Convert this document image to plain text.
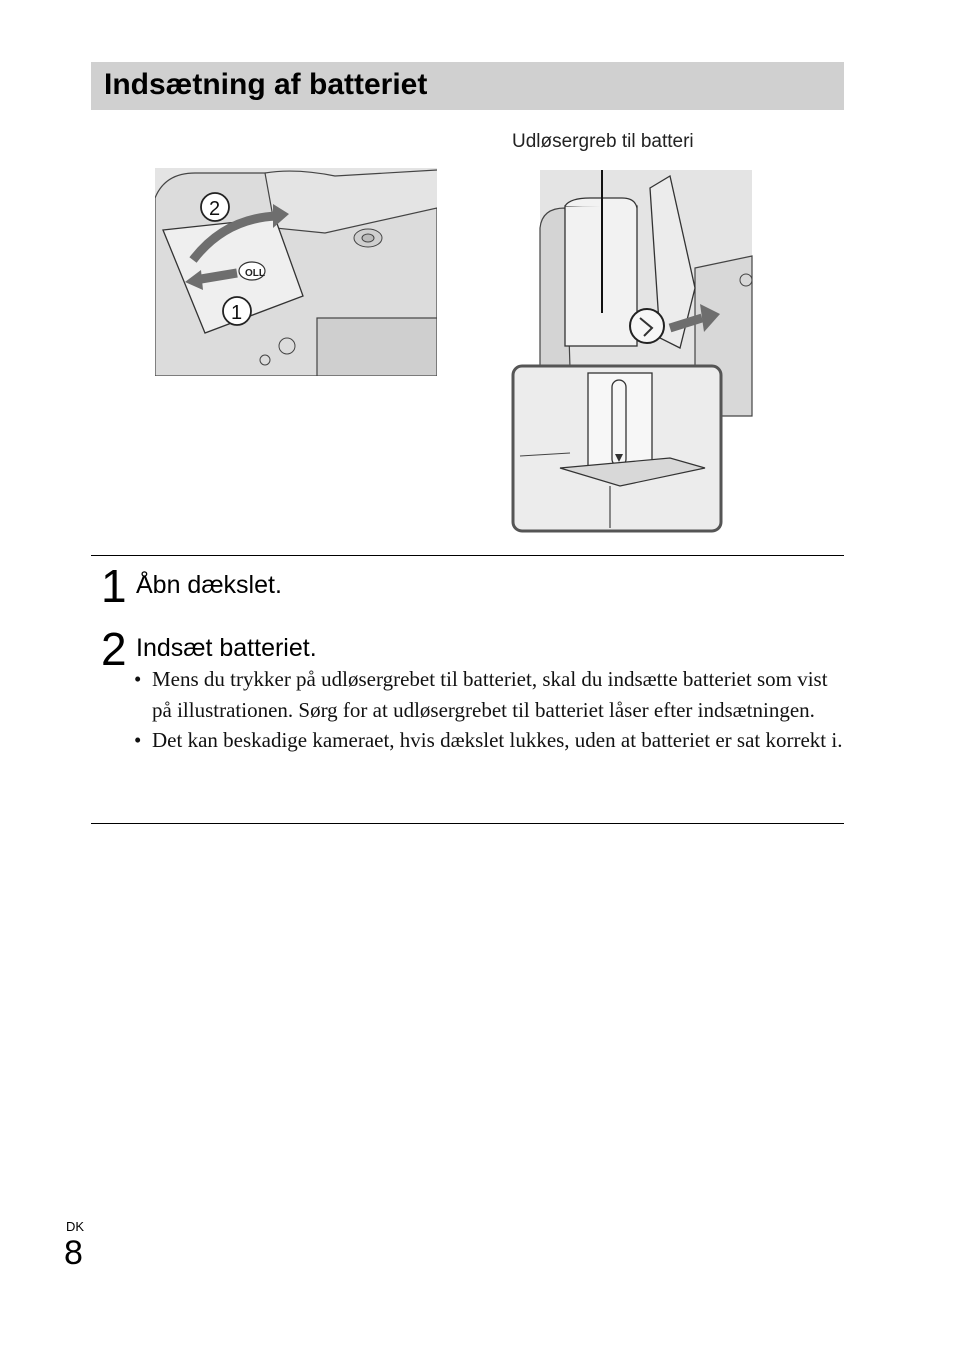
Indsætning af batteriet
OLL
2
1
Udløsergreb til batteri
1 Åbn dækslet.
2 Indsæt batteriet.
• Mens du trykker på udløsergrebet til batteriet, skal du indsætte batteriet som vist på illustrationen. Sørg for at udløsergrebet til batteriet låser efter indsætningen.
• Det kan beskadige kameraet, hvis dækslet lukkes, uden at batteriet er sat korrekt i.
DK
8
